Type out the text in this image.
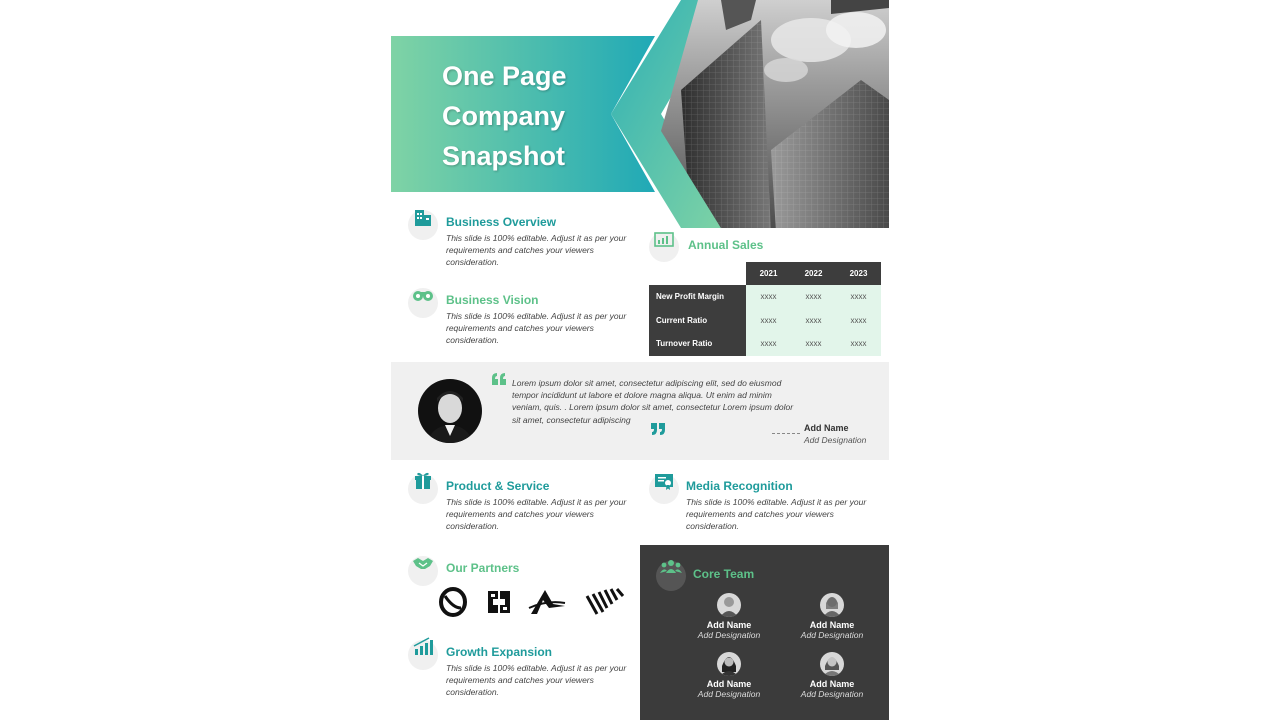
One Page
Company
Snapshot
Business Overview
This slide is 100% editable. Adjust it as per your
requirements and catches your viewers
consideration.
Business Vision
This slide is 100% editable. Adjust it as per your
requirements and catches your viewers
consideration.
Annual Sales
	2021	2022	2023
New Profit Margin	xxxx	xxxx	xxxx
Current Ratio	xxxx	xxxx	xxxx
Turnover Ratio	xxxx	xxxx	xxxx
Lorem ipsum dolor sit amet, consectetur adipiscing elit, sed do eiusmod
tempor incididunt ut labore et dolore magna aliqua. Ut enim ad minim
veniam, quis. . Lorem ipsum dolor sit amet, consectetur Lorem ipsum dolor
sit amet, consectetur adipiscing
Add Name
Add Designation
Product & Service
This slide is 100% editable. Adjust it as per your
requirements and catches your viewers
consideration.
Media Recognition
This slide is 100% editable. Adjust it as per your
requirements and catches your viewers
consideration.
Our Partners
Growth Expansion
This slide is 100% editable. Adjust it as per your
requirements and catches your viewers
consideration.
Core Team
Add Name
Add Designation
Add Name
Add Designation
Add Name
Add Designation
Add Name
Add Designation
